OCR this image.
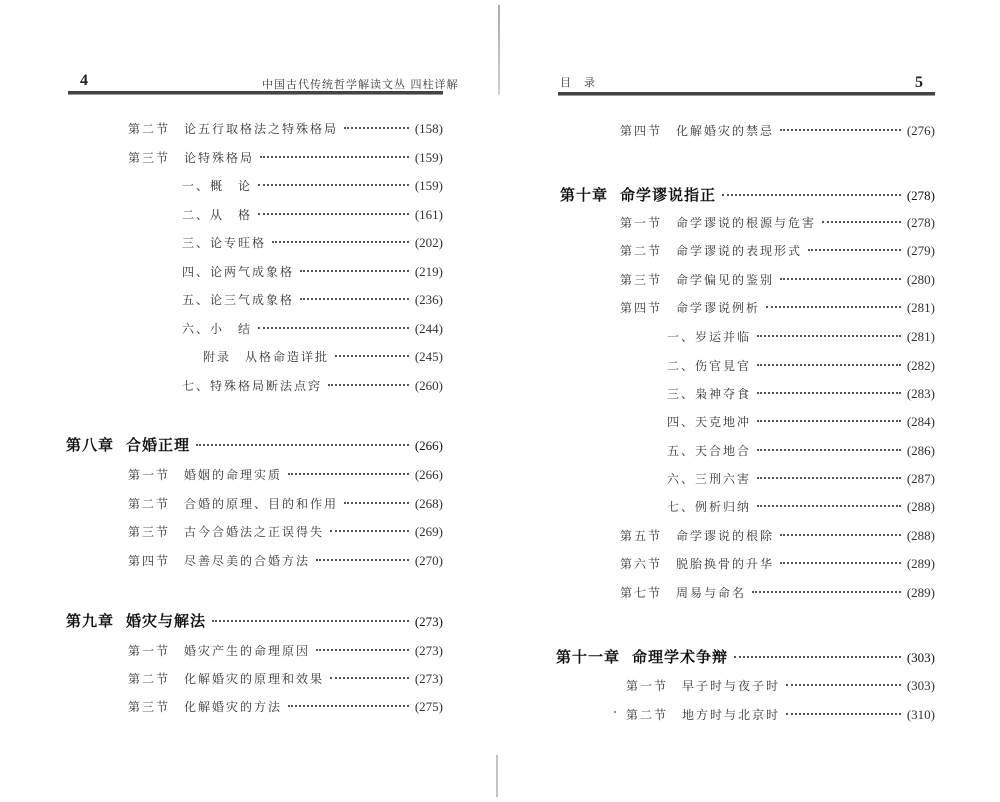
4	中国古代传统哲学解读文丛 四柱详解
第二节 论五行取格法之特殊格局	(158)
第三节 论特殊格局	(159)
一、概　论	(159)
二、从　格	(161)
三、论专旺格	(202)
四、论两气成象格	(219)
五、论三气成象格	(236)
六、小　结	(244)
附录　从格命造详批	(245)
七、特殊格局断法点窍	(260)
第八章 合婚正理	(266)
第一节 婚姻的命理实质	(266)
第二节 合婚的原理、目的和作用	(268)
第三节 古今合婚法之正误得失	(269)
第四节 尽善尽美的合婚方法	(270)
第九章 婚灾与解法	(273)
第一节 婚灾产生的命理原因	(273)
第二节 化解婚灾的原理和效果	(273)
第三节 化解婚灾的方法	(275)
目　录	5
第四节 化解婚灾的禁忌	(276)
第十章 命学谬说指正	(278)
第一节 命学谬说的根源与危害	(278)
第二节 命学谬说的表现形式	(279)
第三节 命学偏见的鉴别	(280)
第四节 命学谬说例析	(281)
一、岁运并临	(281)
二、伤官見官	(282)
三、枭神夺食	(283)
四、天克地冲	(284)
五、天合地合	(286)
六、三刑六害	(287)
七、例析归纳	(288)
第五节 命学谬说的根除	(288)
第六节 脱胎换骨的升华	(289)
第七节 周易与命名	(289)
第十一章 命理学术争辩	(303)
第一节 早子时与夜子时	(303)
第二节 地方时与北京时	(310)
